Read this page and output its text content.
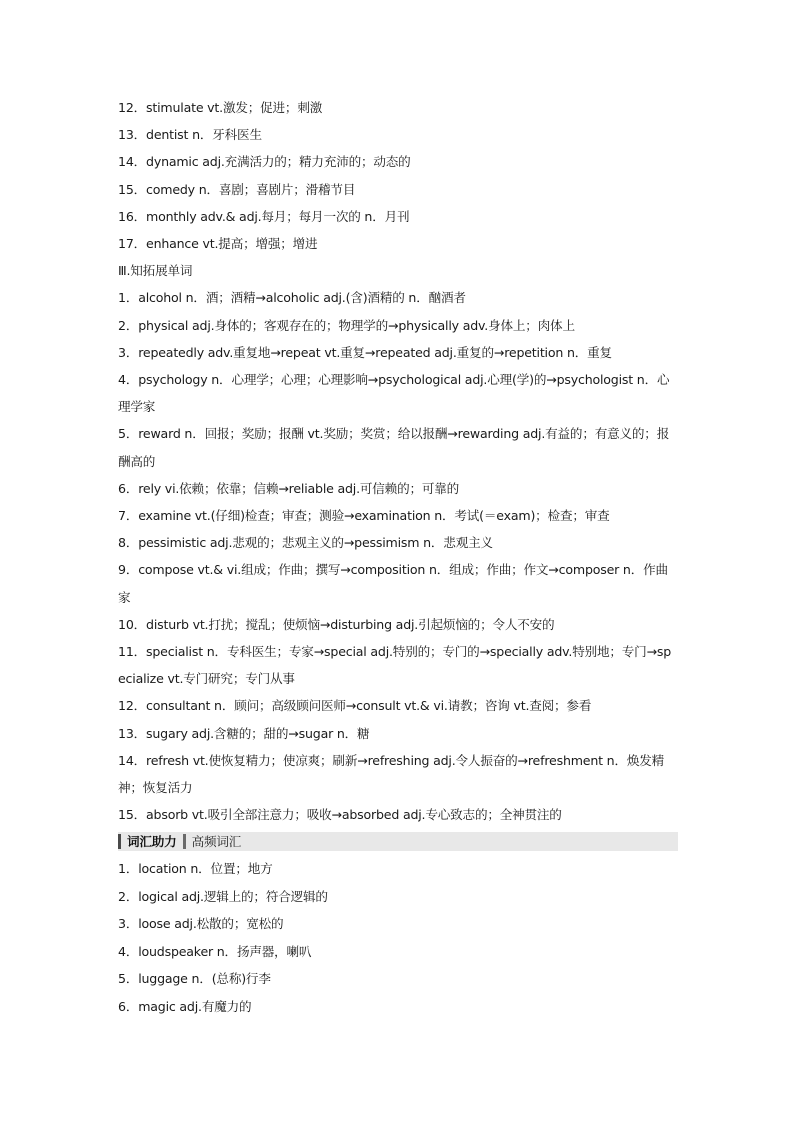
12．stimulate vt.激发；促进；刺激

13．dentist n．牙科医生

14．dynamic adj.充满活力的；精力充沛的；动态的

15．comedy n．喜剧；喜剧片；滑稽节目

16．monthly adv.& adj.每月；每月一次的 n．月刊

17．enhance vt.提高；增强；增进

Ⅲ.知拓展单词

1．alcohol n．酒；酒精→alcoholic adj.(含)酒精的 n．酗酒者

2．physical adj.身体的；客观存在的；物理学的→physically adv.身体上；肉体上

3．repeatedly adv.重复地→repeat vt.重复→repeated adj.重复的→repetition n．重复

4．psychology n．心理学；心理；心理影响→psychological adj.心理(学)的→psychologist n．心理学家

5．reward n．回报；奖励；报酬 vt.奖励；奖赏；给以报酬→rewarding adj.有益的；有意义的；报酬高的

6．rely vi.依赖；依靠；信赖→reliable adj.可信赖的；可靠的

7．examine vt.(仔细)检查；审查；测验→examination n．考试(＝exam)；检查；审查

8．pessimistic adj.悲观的；悲观主义的→pessimism n．悲观主义

9．compose vt.& vi.组成；作曲；撰写→composition n．组成；作曲；作文→composer n．作曲家

10．disturb vt.打扰；搅乱；使烦恼→disturbing adj.引起烦恼的；令人不安的

11．specialist n．专科医生；专家→special adj.特别的；专门的→specially adv.特别地；专门→specialize vt.专门研究；专门从事

12．consultant n．顾问；高级顾问医师→consult vt.& vi.请教；咨询 vt.查阅；参看

13．sugary adj.含糖的；甜的→sugar n．糖

14．refresh vt.使恢复精力；使凉爽；刷新→refreshing adj.令人振奋的→refreshment n．焕发精神；恢复活力

15．absorb vt.吸引全部注意力；吸收→absorbed adj.专心致志的；全神贯注的

词汇助力 高频词汇

1．location n．位置；地方

2．logical adj.逻辑上的；符合逻辑的

3．loose adj.松散的；宽松的

4．loudspeaker n．扬声器，喇叭

5．luggage n．(总称)行李

6．magic adj.有魔力的
